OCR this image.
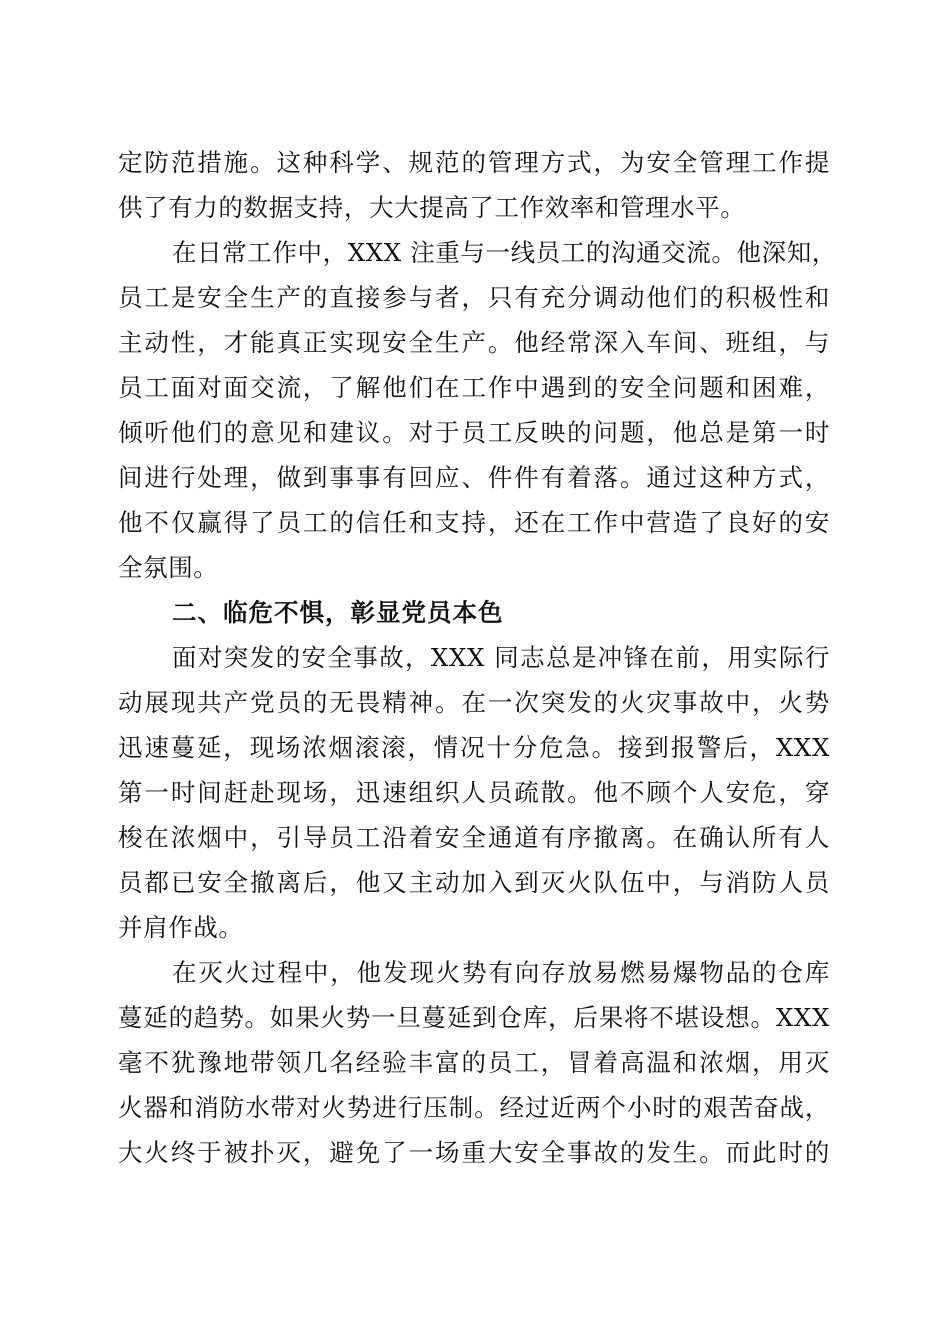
定防范措施。这种科学、规范的管理方式，为安全管理工作提
供了有力的数据支持，大大提高了工作效率和管理水平。
在日常工作中，XXX 注重与一线员工的沟通交流。他深知，
员工是安全生产的直接参与者，只有充分调动他们的积极性和
主动性，才能真正实现安全生产。他经常深入车间、班组，与
员工面对面交流，了解他们在工作中遇到的安全问题和困难，
倾听他们的意见和建议。对于员工反映的问题，他总是第一时
间进行处理，做到事事有回应、件件有着落。通过这种方式，
他不仅赢得了员工的信任和支持，还在工作中营造了良好的安
全氛围。
二、临危不惧，彰显党员本色
面对突发的安全事故，XXX 同志总是冲锋在前，用实际行
动展现共产党员的无畏精神。在一次突发的火灾事故中，火势
迅速蔓延，现场浓烟滚滚，情况十分危急。接到报警后，XXX
第一时间赶赴现场，迅速组织人员疏散。他不顾个人安危，穿
梭在浓烟中，引导员工沿着安全通道有序撤离。在确认所有人
员都已安全撤离后，他又主动加入到灭火队伍中，与消防人员
并肩作战。
在灭火过程中，他发现火势有向存放易燃易爆物品的仓库
蔓延的趋势。如果火势一旦蔓延到仓库，后果将不堪设想。XXX
毫不犹豫地带领几名经验丰富的员工，冒着高温和浓烟，用灭
火器和消防水带对火势进行压制。经过近两个小时的艰苦奋战，
大火终于被扑灭，避免了一场重大安全事故的发生。而此时的
